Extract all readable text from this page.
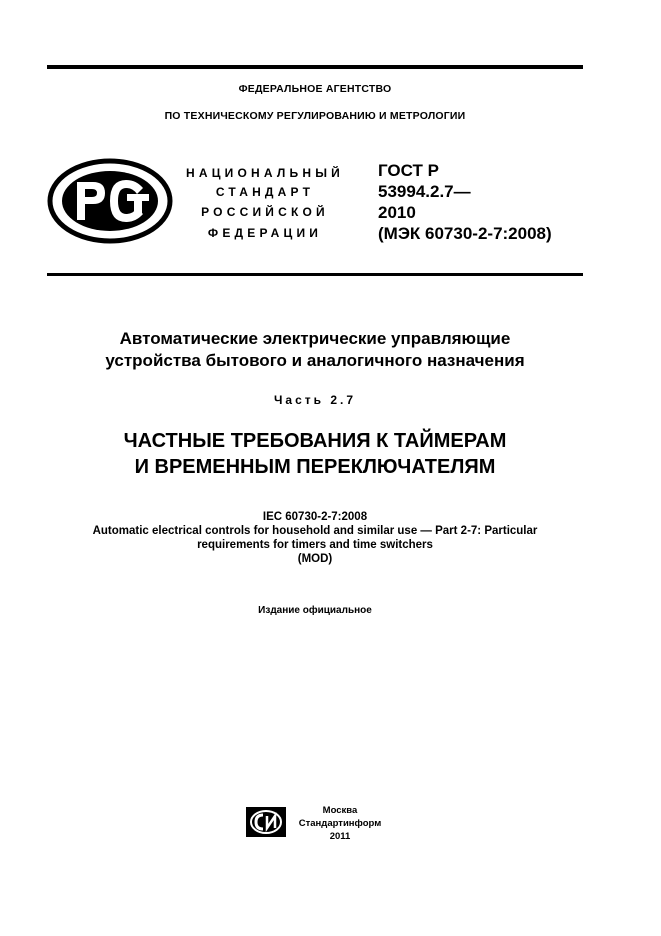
ФЕДЕРАЛЬНОЕ АГЕНТСТВО
ПО ТЕХНИЧЕСКОМУ РЕГУЛИРОВАНИЮ И МЕТРОЛОГИИ
НАЦИОНАЛЬНЫЙ
СТАНДАРТ
РОССИЙСКОЙ
ФЕДЕРАЦИИ
ГОСТ Р
53994.2.7—
2010
(МЭК 60730-2-7:2008)
Автоматические электрические управляющие
устройства бытового и аналогичного назначения
Часть 2.7
ЧАСТНЫЕ ТРЕБОВАНИЯ К ТАЙМЕРАМ
И ВРЕМЕННЫМ ПЕРЕКЛЮЧАТЕЛЯМ
IEC 60730-2-7:2008
Automatic electrical controls for household and similar use — Part 2-7: Particular
requirements for timers and time switchers
(MOD)
Издание официальное
Москва
Стандартинформ
2011
